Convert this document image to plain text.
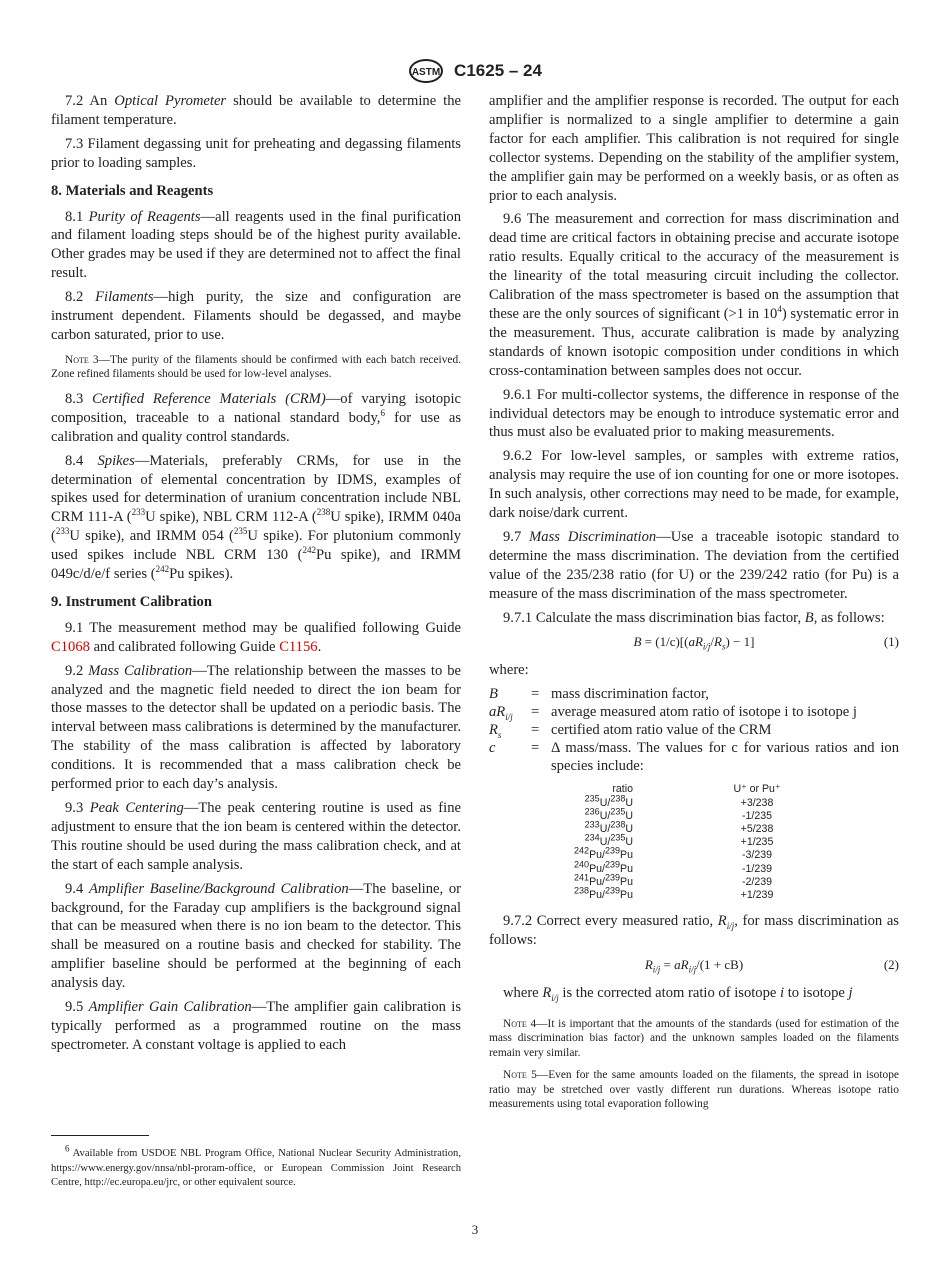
ASTM C1625 – 24

7.2 An Optical Pyrometer should be available to determine the filament temperature.

7.3 Filament degassing unit for preheating and degassing filaments prior to loading samples.

8. Materials and Reagents

8.1 Purity of Reagents—all reagents used in the final purification and filament loading steps should be of the highest purity available. Other grades may be used if they are determined not to affect the final result.

8.2 Filaments—high purity, the size and configuration are instrument dependent. Filaments should be degassed, and maybe carbon saturated, prior to use.

Note 3—The purity of the filaments should be confirmed with each batch received. Zone refined filaments should be used for low-level analyses.

8.3 Certified Reference Materials (CRM)—of varying isotopic composition, traceable to a national standard body,$^6$ for use as calibration and quality control standards.

8.4 Spikes—Materials, preferably CRMs, for use in the determination of elemental concentration by IDMS, examples of spikes used for determination of uranium concentration include NBL CRM 111-A ($^{233}$U spike), NBL CRM 112-A ($^{238}$U spike), IRMM 040a ($^{233}$U spike), and IRMM 054 ($^{235}$U spike). For plutonium commonly used spikes include NBL CRM 130 ($^{242}$Pu spike), and IRMM 049c/d/e/f series ($^{242}$Pu spikes).

9. Instrument Calibration

9.1 The measurement method may be qualified following Guide C1068 and calibrated following Guide C1156.

9.2 Mass Calibration—The relationship between the masses to be analyzed and the magnetic field needed to direct the ion beam for those masses to the detector shall be updated on a periodic basis. The interval between mass calibrations is determined by the manufacturer. The stability of the mass calibration is affected by laboratory conditions. It is recommended that a mass calibration check be performed prior to each day’s analysis.

9.3 Peak Centering—The peak centering routine is used as fine adjustment to ensure that the ion beam is centered within the detector. This routine should be used during the mass calibration check, and at the start of each sample analysis.

9.4 Amplifier Baseline/Background Calibration—The baseline, or background, for the Faraday cup amplifiers is the background signal that can be measured when there is no ion beam to the detector. This shall be measured on a routine basis and checked for stability. The amplifier baseline should be performed at the beginning of each analysis day.

9.5 Amplifier Gain Calibration—The amplifier gain calibration is typically performed as a programmed routine on the mass spectrometer. A constant voltage is applied to each

$^6$ Available from USDOE NBL Program Office, National Nuclear Security Administration, https://www.energy.gov/nnsa/nbl-proram-office, or European Commission Joint Research Centre, http://ec.europa.eu/jrc, or other equivalent source.

amplifier and the amplifier response is recorded. The output for each amplifier is normalized to a single amplifier to determine a gain factor for each amplifier. This calibration is not required for single collector systems. Depending on the stability of the amplifier system, the amplifier gain may be performed on a weekly basis, or as often as prior to each analysis.

9.6 The measurement and correction for mass discrimination and dead time are critical factors in obtaining precise and accurate isotope ratio results. Equally critical to the accuracy of the measurement is the linearity of the total measuring circuit including the collector. Calibration of the mass spectrometer is based on the assumption that these are the only sources of significant (>1 in $10^4$) systematic error in the measurement. Thus, accurate calibration is made by analyzing standards of known isotopic composition under conditions in which cross-contamination between samples does not occur.

9.6.1 For multi-collector systems, the difference in response of the individual detectors may be enough to introduce systematic error and thus must also be evaluated prior to making measurements.

9.6.2 For low-level samples, or samples with extreme ratios, analysis may require the use of ion counting for one or more isotopes. In such analysis, other corrections may need to be made, for example, dark noise/dark current.

9.7 Mass Discrimination—Use a traceable isotopic standard to determine the mass discrimination. The deviation from the certified value of the 235/238 ratio (for U) or the 239/242 ratio (for Pu) is a measure of the mass discrimination of the mass spectrometer.

9.7.1 Calculate the mass discrimination bias factor, B, as follows:

$B = (1/c)[(aR_{i/j}/R_s) - 1]$	(1)

where:

B	=	mass discrimination factor,
$aR_{i/j}$	=	average measured atom ratio of isotope i to isotope j
$R_s$	=	certified atom ratio value of the CRM
c	=	Δ mass/mass. The values for c for various ratios and ion species include:
ratio	U⁺ or Pu⁺
$^{235}$U/$^{238}$U	+3/238
$^{236}$U/$^{235}$U	-1/235
$^{233}$U/$^{238}$U	+5/238
$^{234}$U/$^{235}$U	+1/235
$^{242}$Pu/$^{239}$Pu	-3/239
$^{240}$Pu/$^{239}$Pu	-1/239
$^{241}$Pu/$^{239}$Pu	-2/239
$^{238}$Pu/$^{239}$Pu	+1/239

9.7.2 Correct every measured ratio, $R_{i/j}$, for mass discrimination as follows:

$R_{i/j} = aR_{i/j}/(1 + cB)$	(2)

where $R_{i/j}$ is the corrected atom ratio of isotope i to isotope j

Note 4—It is important that the amounts of the standards (used for estimation of the mass discrimination bias factor) and the unknown samples loaded on the filaments remain very similar.
Note 5—Even for the same amounts loaded on the filaments, the spread in isotope ratio may be stretched over vastly different run durations. Whereas isotope ratio measurements using total evaporation following
3
